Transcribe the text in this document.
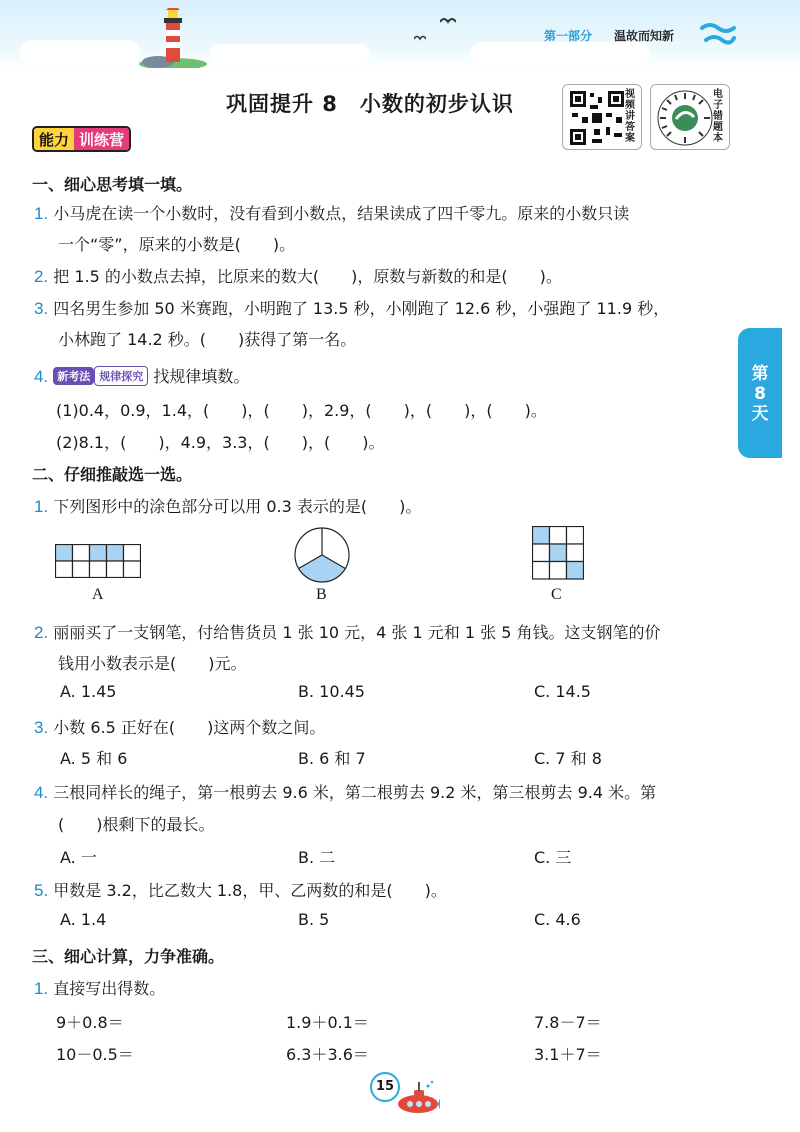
第一部分 温故而知新
巩固提升 8　小数的初步认识	视频讲答案
电子错题本
能力 训练营
第8天
一、细心思考填一填。
1. 小马虎在读一个小数时，没有看到小数点，结果读成了四千零九。原来的小数只读
一个“零”，原来的小数是(　　)。
2. 把 1.5 的小数点去掉，比原来的数大(　　)，原数与新数的和是(　　)。
3. 四名男生参加 50 米赛跑，小明跑了 13.5 秒，小刚跑了 12.6 秒，小强跑了 11.9 秒，
小林跑了 14.2 秒。(　　)获得了第一名。
4. 新考法 规律探究 找规律填数。
(1)0.4，0.9，1.4，(　　)，(　　)，2.9，(　　)，(　　)，(　　)。
(2)8.1，(　　)，4.9，3.3，(　　)，(　　)。
二、仔细推敲选一选。
1. 下列图形中的涂色部分可以用 0.3 表示的是(　　)。
A	B	C
2. 丽丽买了一支钢笔，付给售货员 1 张 10 元，4 张 1 元和 1 张 5 角钱。这支钢笔的价
钱用小数表示是(　　)元。
A. 1.45	B. 10.45	C. 14.5
3. 小数 6.5 正好在(　　)这两个数之间。
A. 5 和 6	B. 6 和 7	C. 7 和 8
4. 三根同样长的绳子，第一根剪去 9.6 米，第二根剪去 9.2 米，第三根剪去 9.4 米。第
(　　)根剩下的最长。
A. 一	B. 二	C. 三
5. 甲数是 3.2，比乙数大 1.8，甲、乙两数的和是(　　)。
A. 1.4	B. 5	C. 4.6
三、细心计算，力争准确。
1. 直接写出得数。
9＋0.8＝	1.9＋0.1＝	7.8－7＝
10－0.5＝	6.3＋3.6＝	3.1＋7＝
15
